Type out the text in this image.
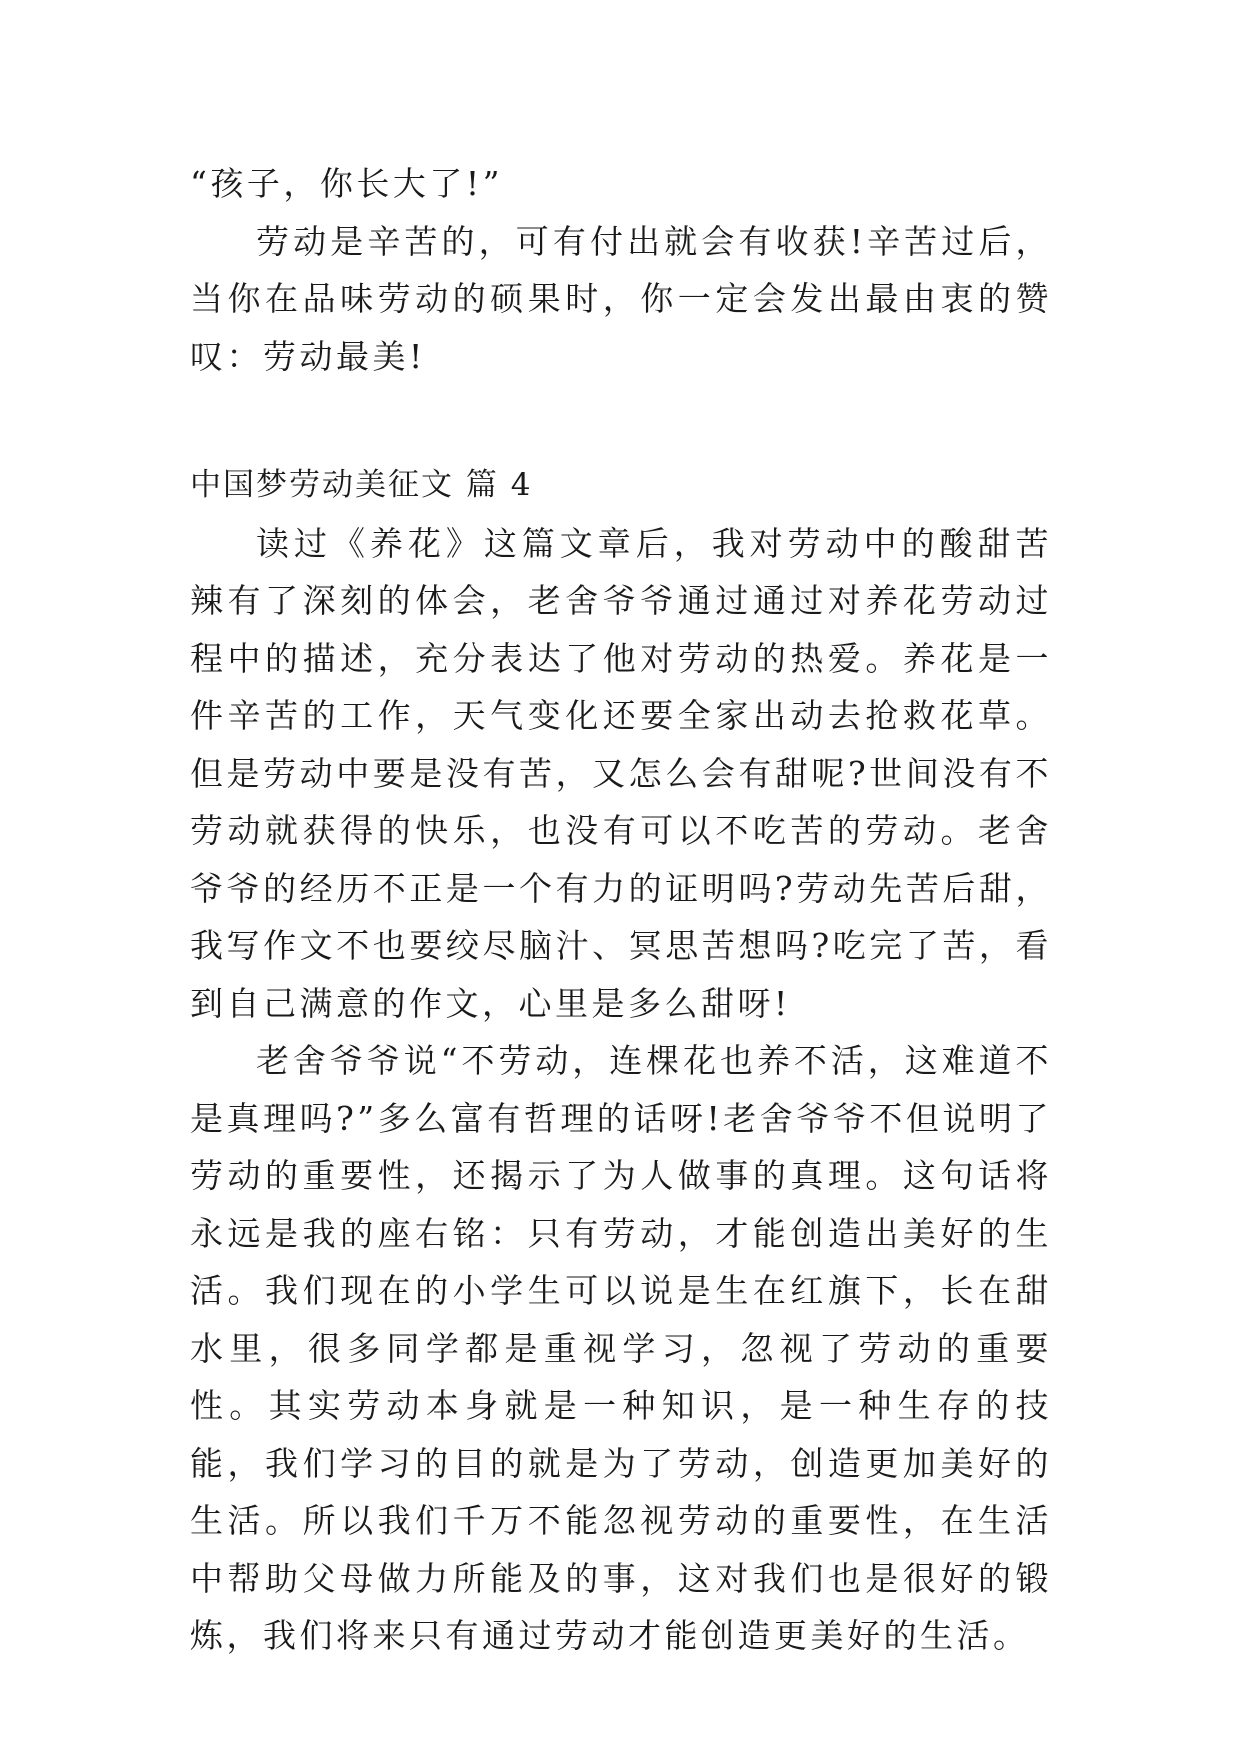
“孩子，你长大了!”

劳动是辛苦的，可有付出就会有收获!辛苦过后，当你在品味劳动的硕果时，你一定会发出最由衷的赞叹：劳动最美!

中国梦劳动美征文 篇 4

读过《养花》这篇文章后，我对劳动中的酸甜苦辣有了深刻的体会，老舍爷爷通过通过对养花劳动过程中的描述，充分表达了他对劳动的热爱。养花是一件辛苦的工作，天气变化还要全家出动去抢救花草。但是劳动中要是没有苦，又怎么会有甜呢?世间没有不劳动就获得的快乐，也没有可以不吃苦的劳动。老舍爷爷的经历不正是一个有力的证明吗?劳动先苦后甜，我写作文不也要绞尽脑汁、冥思苦想吗?吃完了苦，看到自己满意的作文，心里是多么甜呀!

老舍爷爷说“不劳动，连棵花也养不活，这难道不是真理吗?”多么富有哲理的话呀!老舍爷爷不但说明了劳动的重要性，还揭示了为人做事的真理。这句话将永远是我的座右铭：只有劳动，才能创造出美好的生活。我们现在的小学生可以说是生在红旗下，长在甜水里，很多同学都是重视学习，忽视了劳动的重要性。其实劳动本身就是一种知识，是一种生存的技能，我们学习的目的就是为了劳动，创造更加美好的生活。所以我们千万不能忽视劳动的重要性，在生活中帮助父母做力所能及的事，这对我们也是很好的锻炼，我们将来只有通过劳动才能创造更美好的生活。
